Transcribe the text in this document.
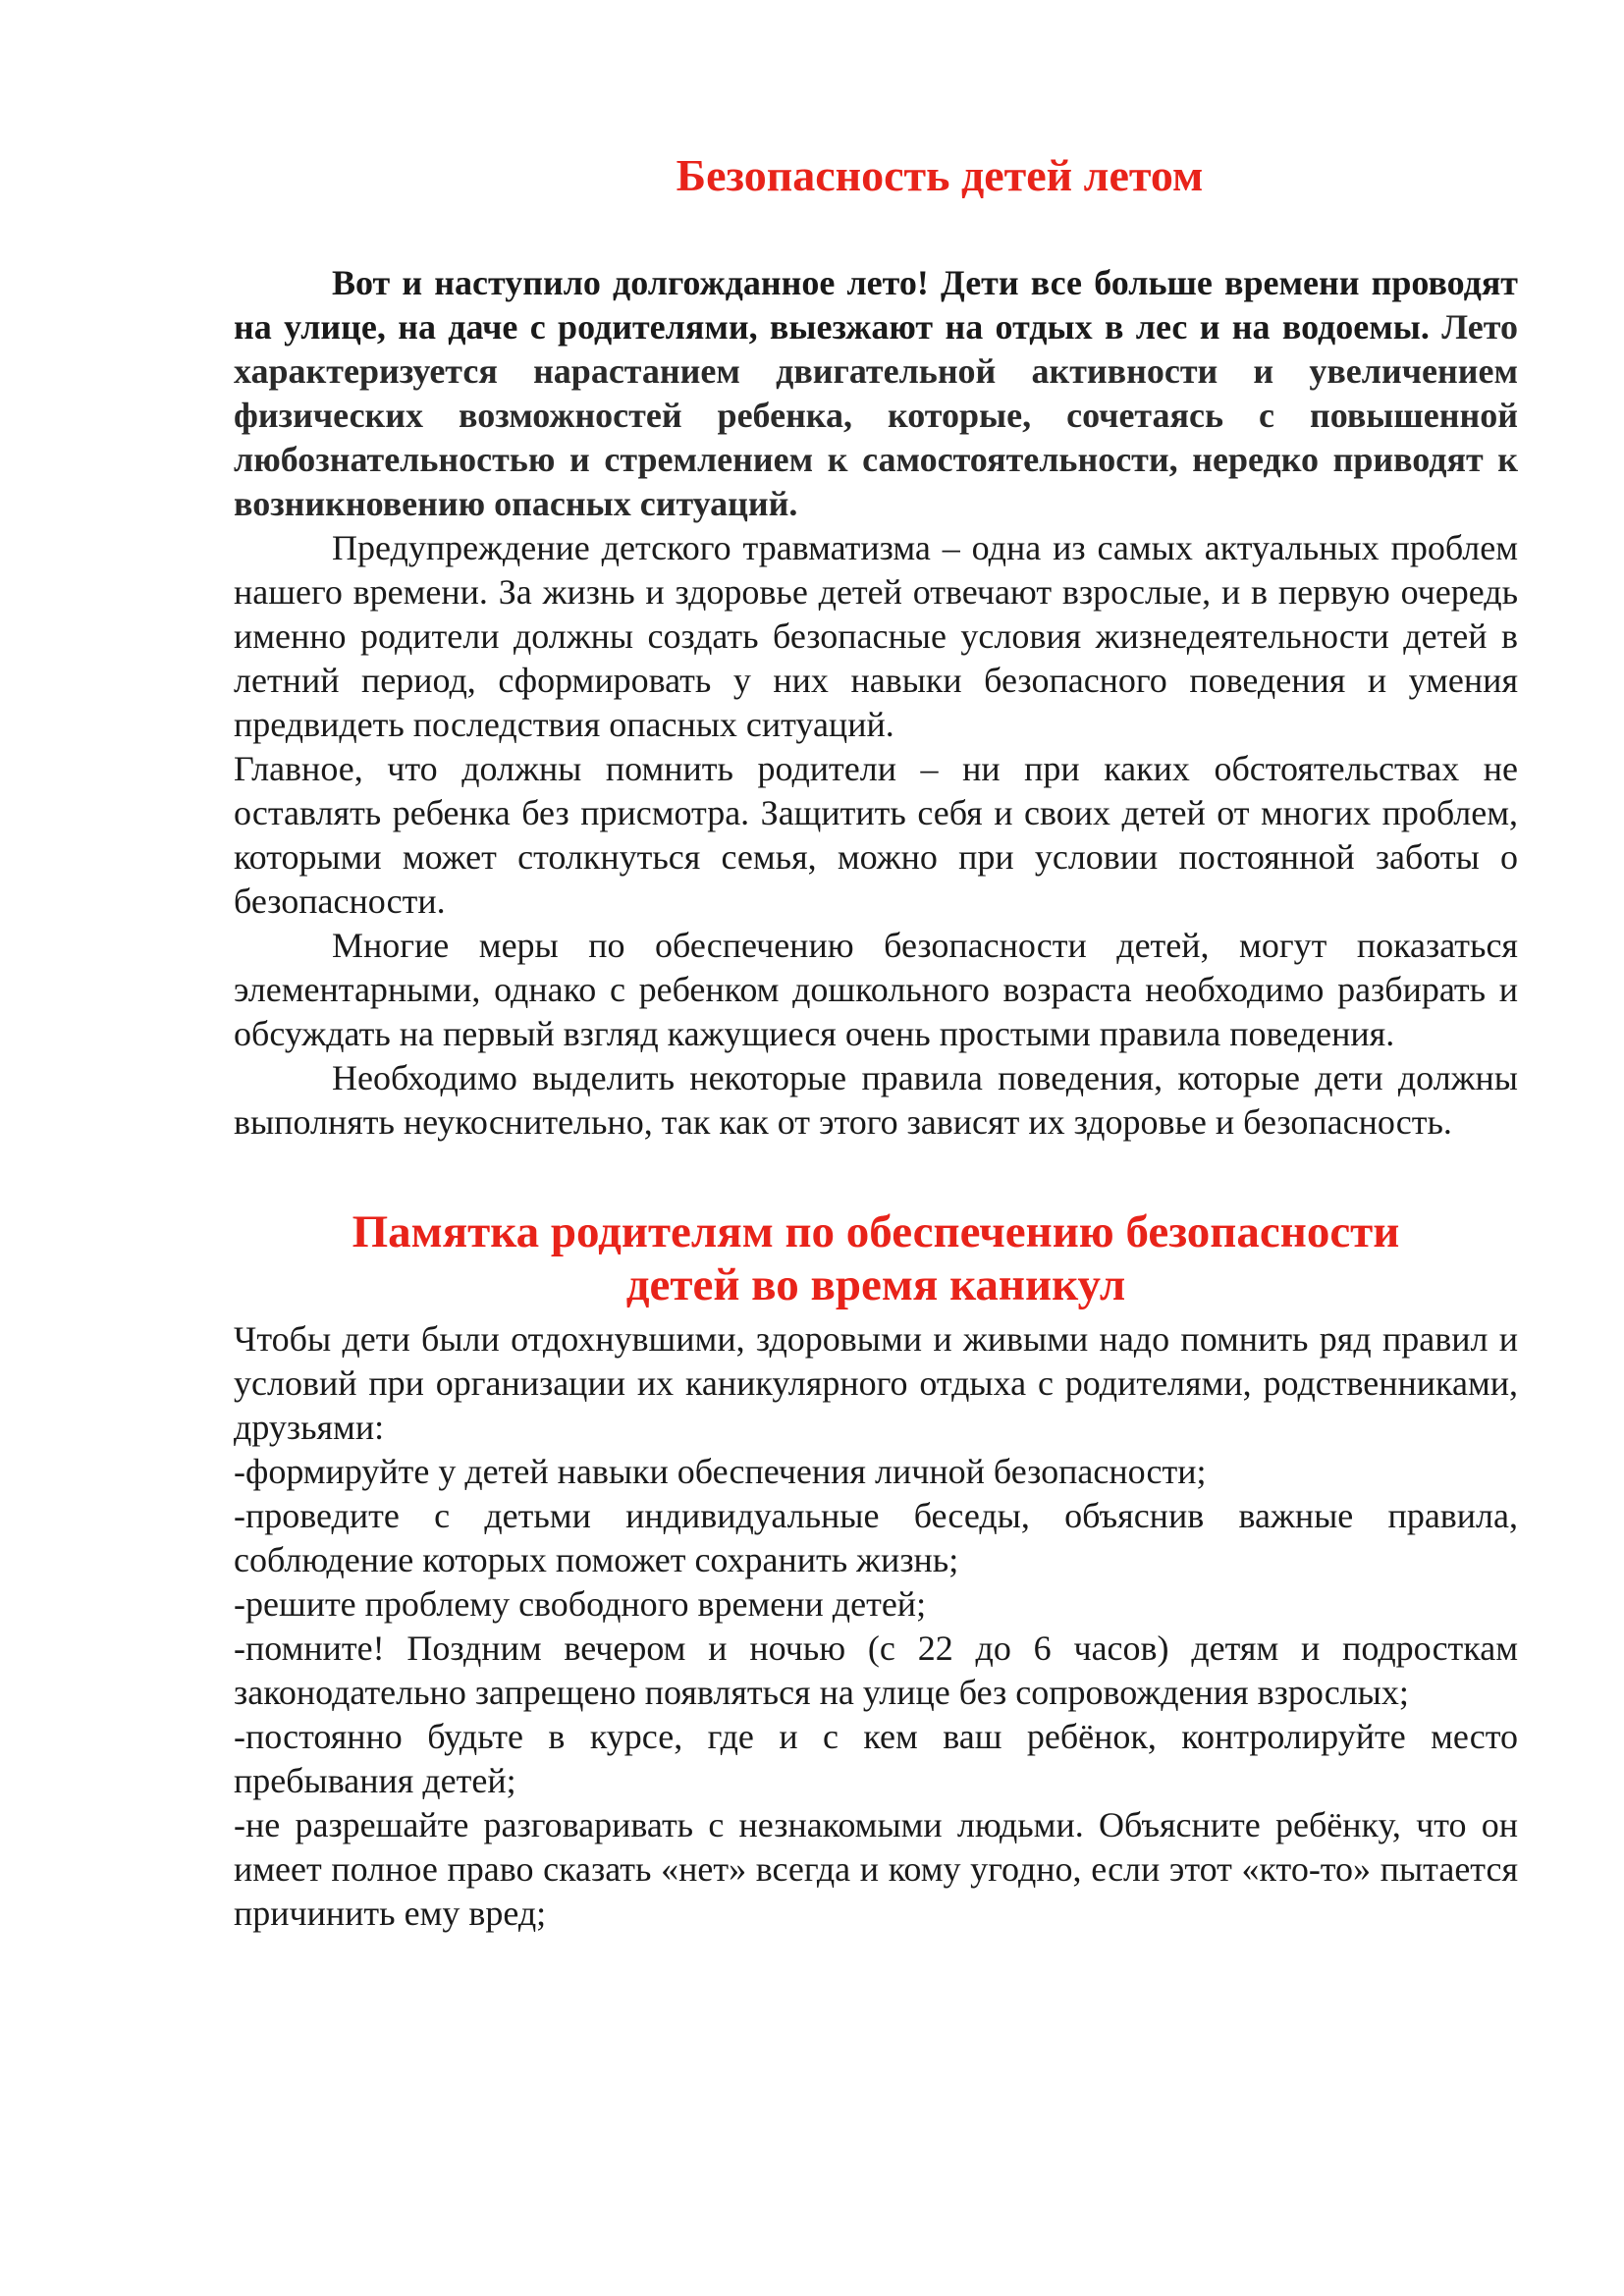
Безопасность детей летом

Вот и наступило долгожданное лето! Дети все больше времени проводят на улице, на даче с родителями, выезжают на отдых в лес и на водоемы. Лето характеризуется нарастанием двигательной активности и увеличением физических возможностей ребенка, которые, сочетаясь с повышенной любознательностью и стремлением к самостоятельности, нередко приводят к возникновению опасных ситуаций.

Предупреждение детского травматизма – одна из самых актуальных проблем нашего времени. За жизнь и здоровье детей отвечают взрослые, и в первую очередь именно родители должны создать безопасные условия жизнедеятельности детей в летний период, сформировать у них навыки безопасного поведения и умения предвидеть последствия опасных ситуаций.

Главное, что должны помнить родители – ни при каких обстоятельствах не оставлять ребенка без присмотра. Защитить себя и своих детей от многих проблем, которыми может столкнуться семья, можно при условии постоянной заботы о безопасности.

Многие меры по обеспечению безопасности детей, могут показаться элементарными, однако с ребенком дошкольного возраста необходимо разбирать и обсуждать на первый взгляд кажущиеся очень простыми правила поведения.

Необходимо выделить некоторые правила поведения, которые дети должны выполнять неукоснительно, так как от этого зависят их здоровье и безопасность.

Памятка родителям по обеспечению безопасности
детей во время каникул

Чтобы дети были отдохнувшими, здоровыми и живыми надо помнить ряд правил и условий при организации их каникулярного отдыха с родителями, родственниками, друзьями:

-формируйте у детей навыки обеспечения личной безопасности;

-проведите с детьми индивидуальные беседы, объяснив важные правила, соблюдение которых поможет сохранить жизнь;

-решите проблему свободного времени детей;

-помните! Поздним вечером и ночью (с 22 до 6 часов) детям и подросткам законодательно запрещено появляться на улице без сопровождения взрослых;

-постоянно будьте в курсе, где и с кем ваш ребёнок, контролируйте место пребывания детей;

-не разрешайте разговаривать с незнакомыми людьми. Объясните ребёнку, что он имеет полное право сказать «нет» всегда и кому угодно, если этот «кто-то» пытается причинить ему вред;
